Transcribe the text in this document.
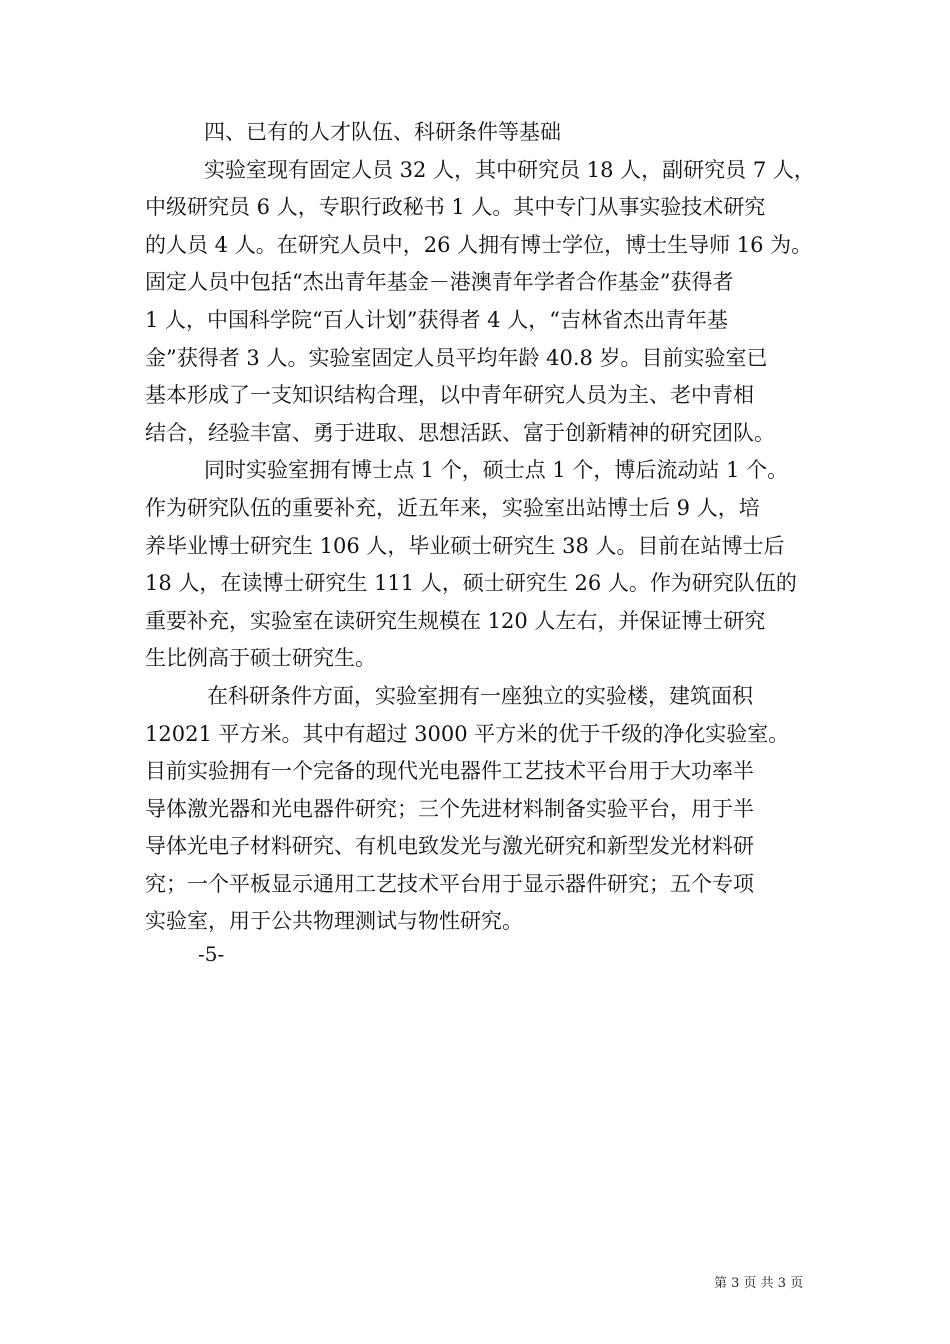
四、已有的人才队伍、科研条件等基础
实验室现有固定人员 32 人，其中研究员 18 人，副研究员 7 人，
中级研究员 6 人，专职行政秘书 1 人。其中专门从事实验技术研究
的人员 4 人。在研究人员中，26 人拥有博士学位，博士生导师 16 为。
固定人员中包括“杰出青年基金－港澳青年学者合作基金”获得者
1 人，中国科学院“百人计划”获得者 4 人，“吉林省杰出青年基
金”获得者 3 人。实验室固定人员平均年龄 40.8 岁。目前实验室已
基本形成了一支知识结构合理，以中青年研究人员为主、老中青相
结合，经验丰富、勇于进取、思想活跃、富于创新精神的研究团队。
同时实验室拥有博士点 1 个，硕士点 1 个，博后流动站 1 个。
作为研究队伍的重要补充，近五年来，实验室出站博士后 9 人，培
养毕业博士研究生 106 人，毕业硕士研究生 38 人。目前在站博士后
18 人，在读博士研究生 111 人，硕士研究生 26 人。作为研究队伍的
重要补充，实验室在读研究生规模在 120 人左右，并保证博士研究
生比例高于硕士研究生。
在科研条件方面，实验室拥有一座独立的实验楼，建筑面积
12021 平方米。其中有超过 3000 平方米的优于千级的净化实验室。
目前实验拥有一个完备的现代光电器件工艺技术平台用于大功率半
导体激光器和光电器件研究；三个先进材料制备实验平台，用于半
导体光电子材料研究、有机电致发光与激光研究和新型发光材料研
究；一个平板显示通用工艺技术平台用于显示器件研究；五个专项
实验室，用于公共物理测试与物性研究。
-5-
第 3 页 共 3 页
